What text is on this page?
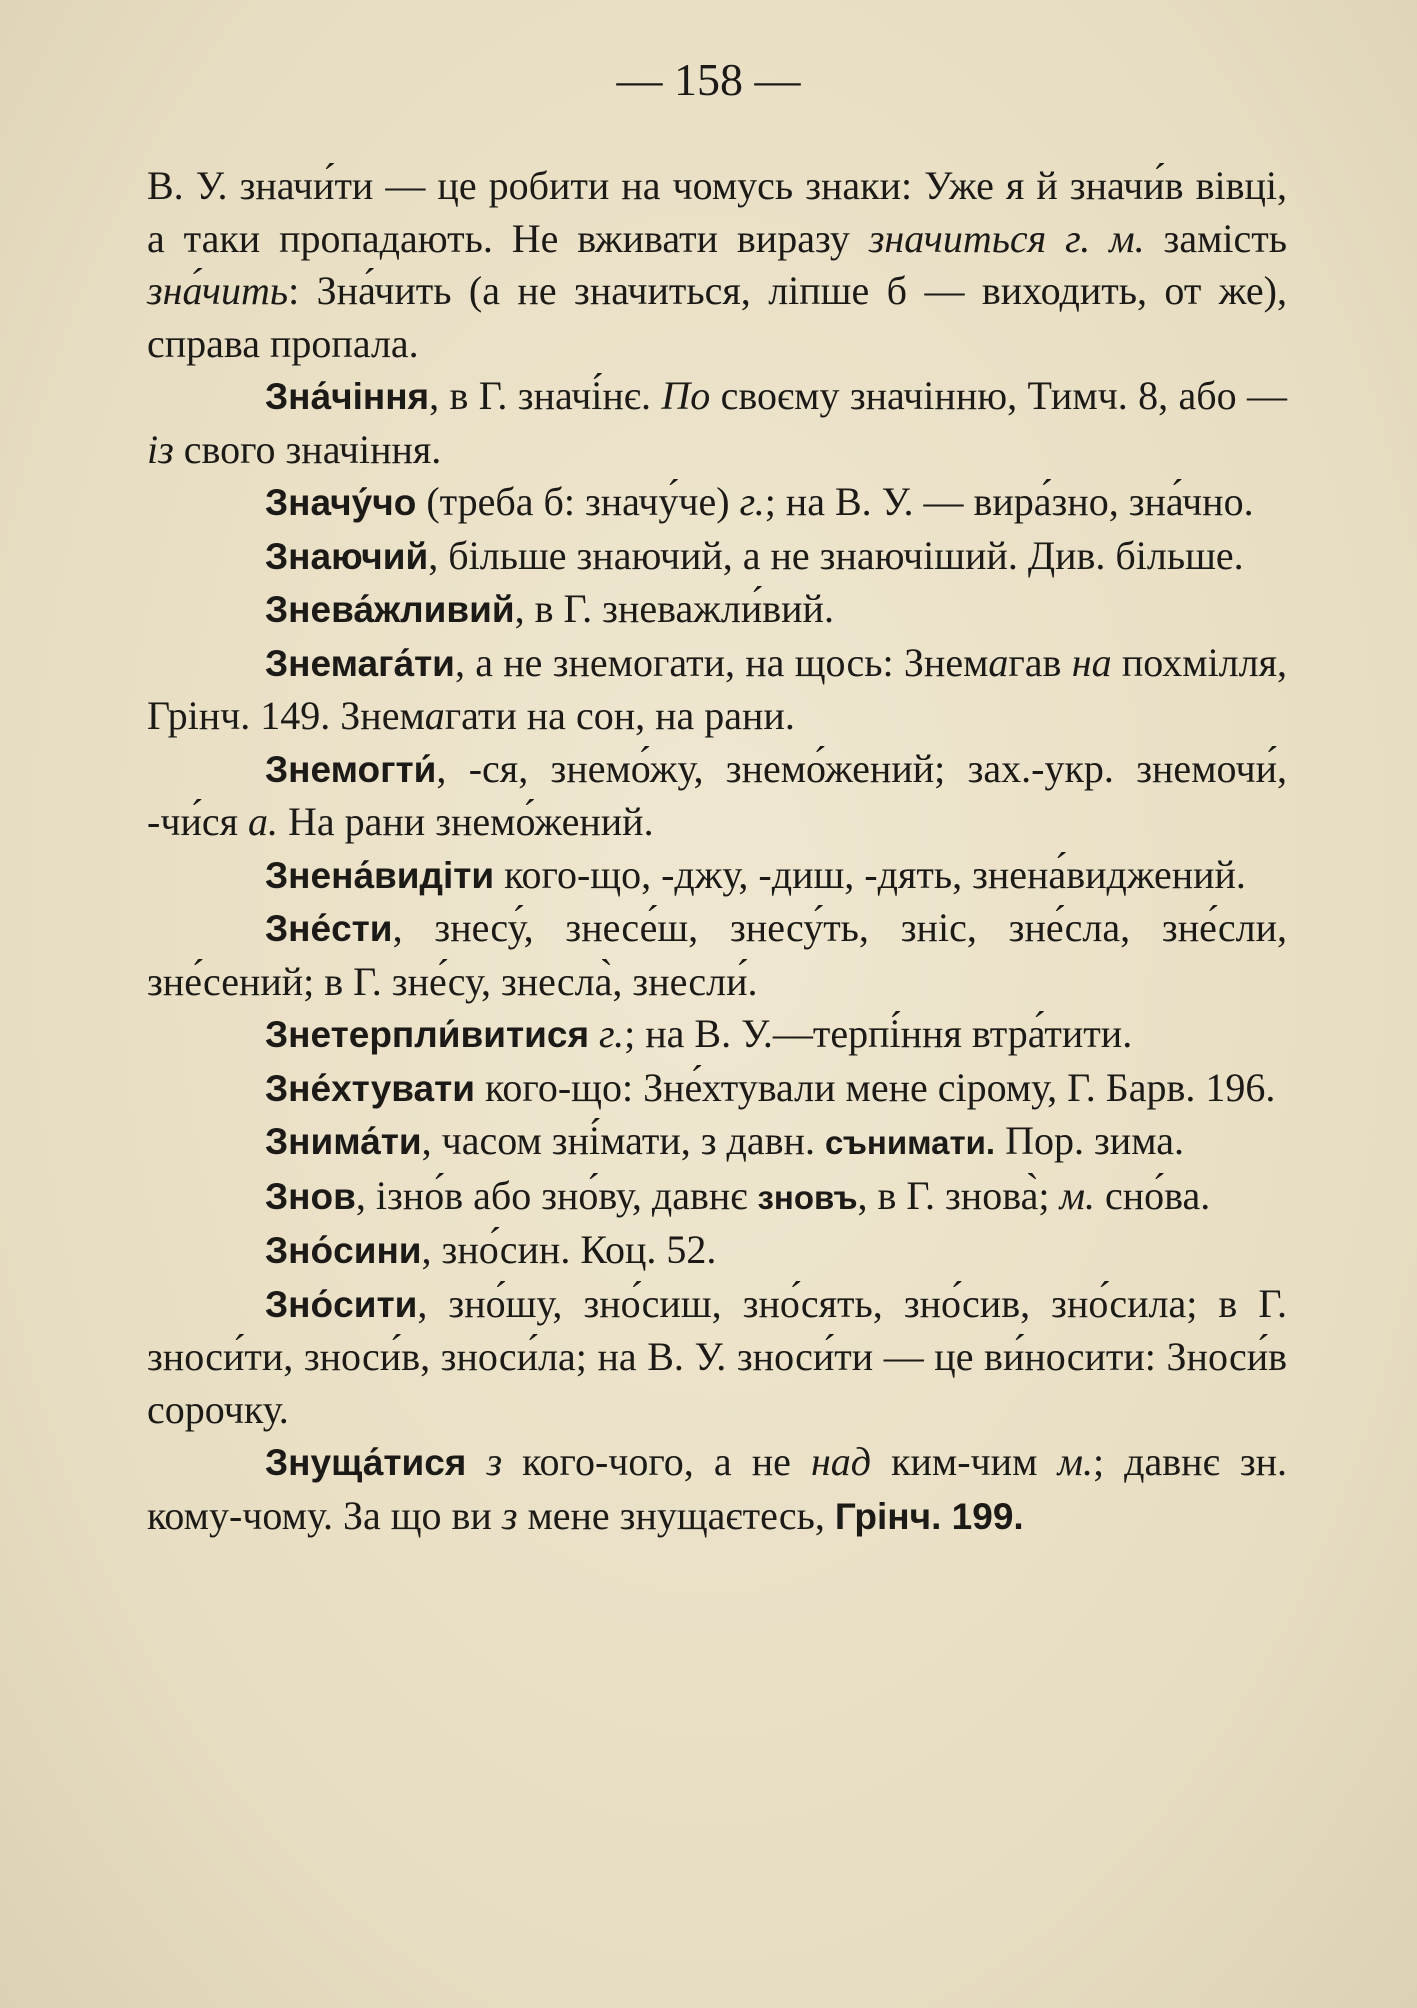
— 158 —

В. У. значи́ти — це робити на чомусь знаки: Уже я й значи́в вівці, а таки пропадають. Не вживати виразу значиться г. м. замість зна́чить: Зна́чить (а не значиться, ліпше б — виходить, от же), справа пропала.

Зна́чіння, в Г. значі́нє. По своєму значінню, Тимч. 8, або — із свого значіння.

Значу́чо (треба б: значу́че) г.; на В. У. — вира́зно, зна́чно.

Знаючий, більше знаючий, а не знаючіший. Див. більше.

Знева́жливий, в Г. зневажли́вий.

Знемага́ти, а не знемогати, на щось: Знемагав на похмілля, Грінч. 149. Знемагати на сон, на рани.

Знемогти́, -ся, знемо́жу, знемо́жений; зах.-укр. знемочи́, -чи́ся а. На рани знемо́жений.

Знена́видіти кого-що, -джу, -диш, -дять, знена́виджений.

Зне́сти, знесу́, знесе́ш, знесу́ть, зніс, зне́сла, зне́сли, зне́сений; в Г. зне́су, знесла̀, знесли́.

Знетерпли́витися г.; на В. У.—терпі́ння втра́тити.

Зне́хтувати кого-що: Зне́хтували мене сірому, Г. Барв. 196.

Знима́ти, часом зні́мати, з давн. сънимати. Пор. зима.

Знов, ізно́в або зно́ву, давнє зновъ, в Г. знова̀; м. сно́ва.

Зно́сини, зно́син. Коц. 52.

Зно́сити, зно́шу, зно́сиш, зно́сять, зно́сив, зно́сила; в Г. зноси́ти, зноси́в, зноси́ла; на В. У. зноси́ти — це ви́носити: Зноси́в сорочку.

Знуща́тися з кого-чого, а не над ким-чим м.; давнє зн. кому-чому. За що ви з мене знущаєтесь, Грінч. 199.
